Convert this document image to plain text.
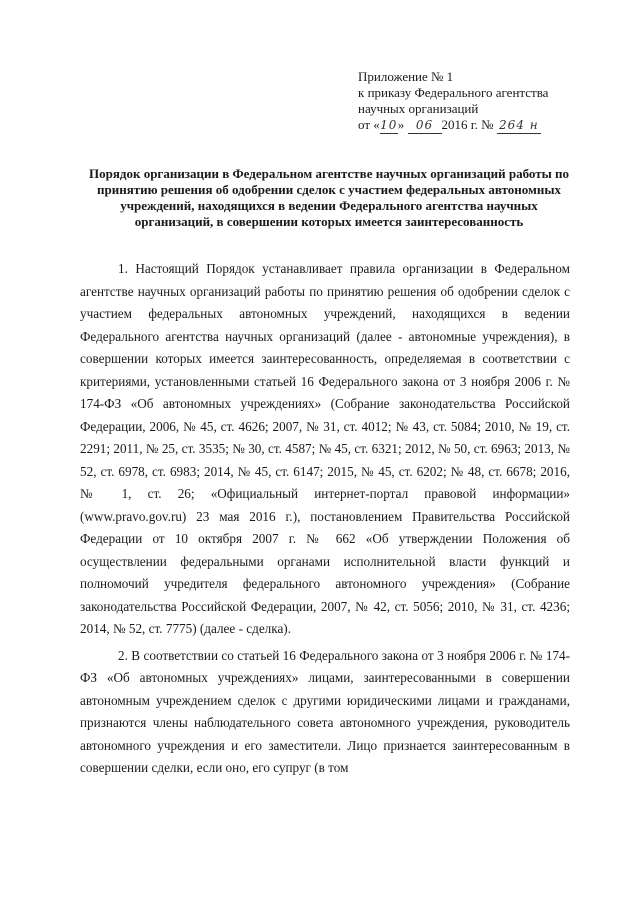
Приложение № 1
к приказу Федерального агентства
научных организаций
от «10» 06 2016 г. № 264 н
Порядок организации в Федеральном агентстве научных организаций работы по принятию решения об одобрении сделок с участием федеральных автономных учреждений, находящихся в ведении Федерального агентства научных организаций, в совершении которых имеется заинтересованность

1. Настоящий Порядок устанавливает правила организации в Федеральном агентстве научных организаций работы по принятию решения об одобрении сделок с участием федеральных автономных учреждений, находящихся в ведении Федерального агентства научных организаций (далее - автономные учреждения), в совершении которых имеется заинтересованность, определяемая в соответствии с критериями, установленными статьей 16 Федерального закона от 3 ноября 2006 г. № 174-ФЗ «Об автономных учреждениях» (Собрание законодательства Российской Федерации, 2006, № 45, ст. 4626; 2007, № 31, ст. 4012; № 43, ст. 5084; 2010, № 19, ст. 2291; 2011, № 25, ст. 3535; № 30, ст. 4587; № 45, ст. 6321; 2012, № 50, ст. 6963; 2013, № 52, ст. 6978, ст. 6983; 2014, № 45, ст. 6147; 2015, № 45, ст. 6202; № 48, ст. 6678; 2016, № 1, ст. 26; «Официальный интернет-портал правовой информации» (www.pravo.gov.ru) 23 мая 2016 г.), постановлением Правительства Российской Федерации от 10 октября 2007 г. № 662 «Об утверждении Положения об осуществлении федеральными органами исполнительной власти функций и полномочий учредителя федерального автономного учреждения» (Собрание законодательства Российской Федерации, 2007, № 42, ст. 5056; 2010, № 31, ст. 4236; 2014, № 52, ст. 7775) (далее - сделка).

2. В соответствии со статьей 16 Федерального закона от 3 ноября 2006 г. № 174-ФЗ «Об автономных учреждениях» лицами, заинтересованными в совершении автономным учреждением сделок с другими юридическими лицами и гражданами, признаются члены наблюдательного совета автономного учреждения, руководитель автономного учреждения и его заместители. Лицо признается заинтересованным в совершении сделки, если оно, его супруг (в том
